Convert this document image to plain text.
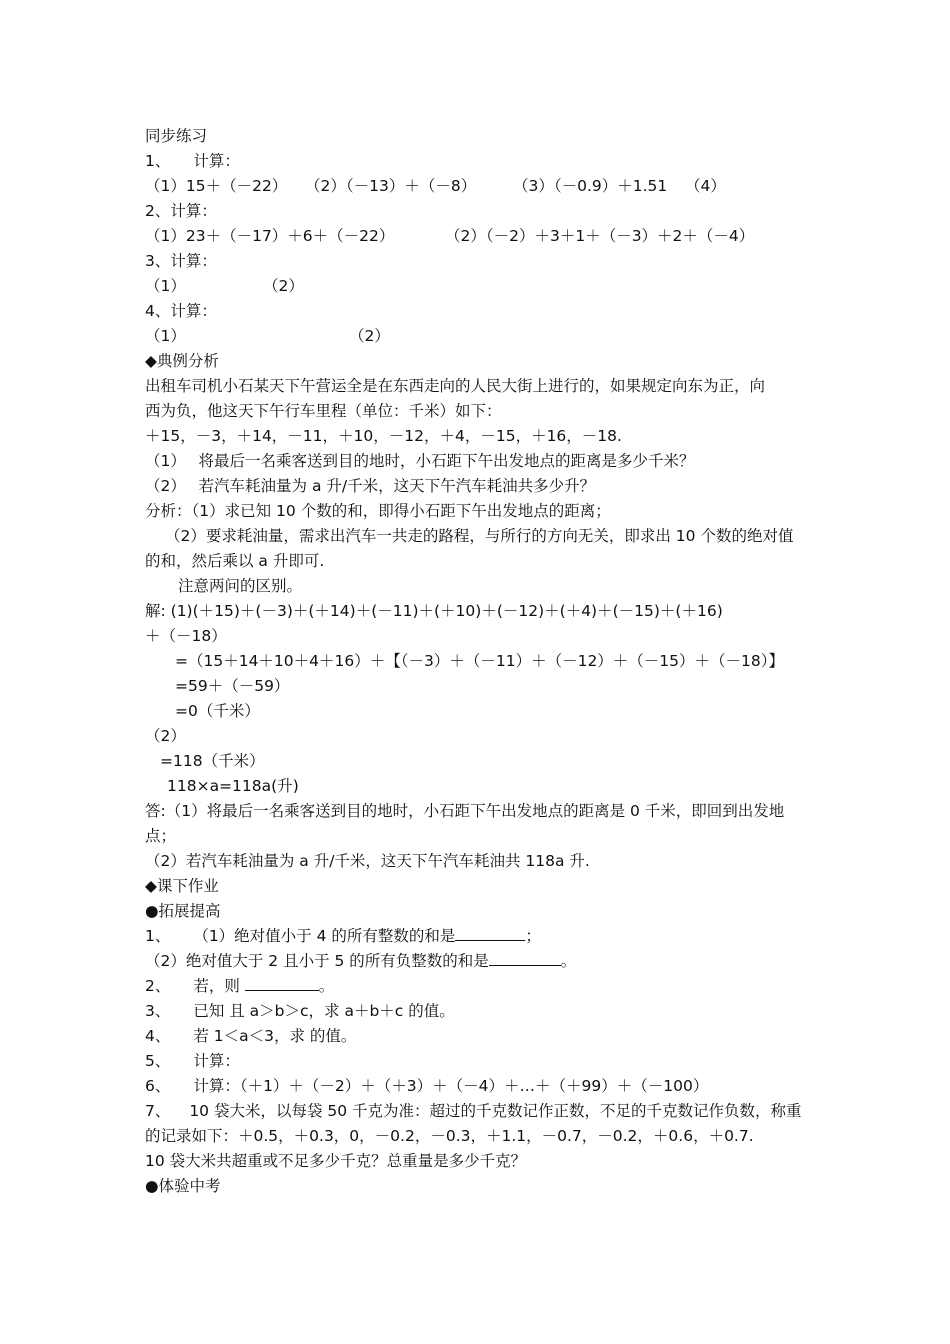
同步练习
1、 计算：
（1）15＋（－22） （2）（－13）＋（－8） （3）（－0.9）＋1.51 （4）
2、计算：
（1）23＋（－17）＋6＋（－22）	（2）（－2）＋3＋1＋（－3）＋2＋（－4）
3、计算：
（1）	（2）
4、计算：
（1）	（2）
◆典例分析
出租车司机小石某天下午营运全是在东西走向的人民大街上进行的，如果规定向东为正，向
西为负，他这天下午行车里程（单位：千米）如下：
＋15，－3，＋14，－11，＋10，－12，＋4，－15，＋16，－18.
（1）　 将最后一名乘客送到目的地时，小石距下午出发地点的距离是多少千米？
（2）　 若汽车耗油量为 a 升/千米，这天下午汽车耗油共多少升？
分析：（1）求已知 10 个数的和，即得小石距下午出发地点的距离；
（2）要求耗油量，需求出汽车一共走的路程，与所行的方向无关，即求出 10 个数的绝对值
的和，然后乘以 a 升即可.
注意两问的区别。
解: (1)(＋15)＋(－3)＋(＋14)＋(－11)＋(＋10)＋(－12)＋(＋4)＋(－15)＋(＋16)
＋（－18）
=（15＋14＋10＋4＋16）＋【（－3）＋（－11）＋（－12）＋（－15）＋（－18）】
=59＋（－59）
=0（千米）
（2）
=118（千米）
118×a=118a(升)
答:（1）将最后一名乘客送到目的地时，小石距下午出发地点的距离是 0 千米，即回到出发地
点；
（2）若汽车耗油量为 a 升/千米，这天下午汽车耗油共 118a 升.
◆课下作业
●拓展提高
1、 （1）绝对值小于 4 的所有整数的和是	；
（2）绝对值大于 2 且小于 5 的所有负整数的和是	。
2、 若，则	。
3、 已知 且 a＞b＞c，求 a＋b＋c 的值。
4、 若 1＜a＜3，求 的值。
5、 计算：
6、 计算：（＋1）＋（－2）＋（＋3）＋（－4）＋…＋（＋99）＋（－100）
7、 10 袋大米，以每袋 50 千克为准：超过的千克数记作正数，不足的千克数记作负数，称重
的记录如下：＋0.5，＋0.3，0，－0.2，－0.3，＋1.1，－0.7，－0.2，＋0.6，＋0.7.
10 袋大米共超重或不足多少千克？总重量是多少千克？
●体验中考
